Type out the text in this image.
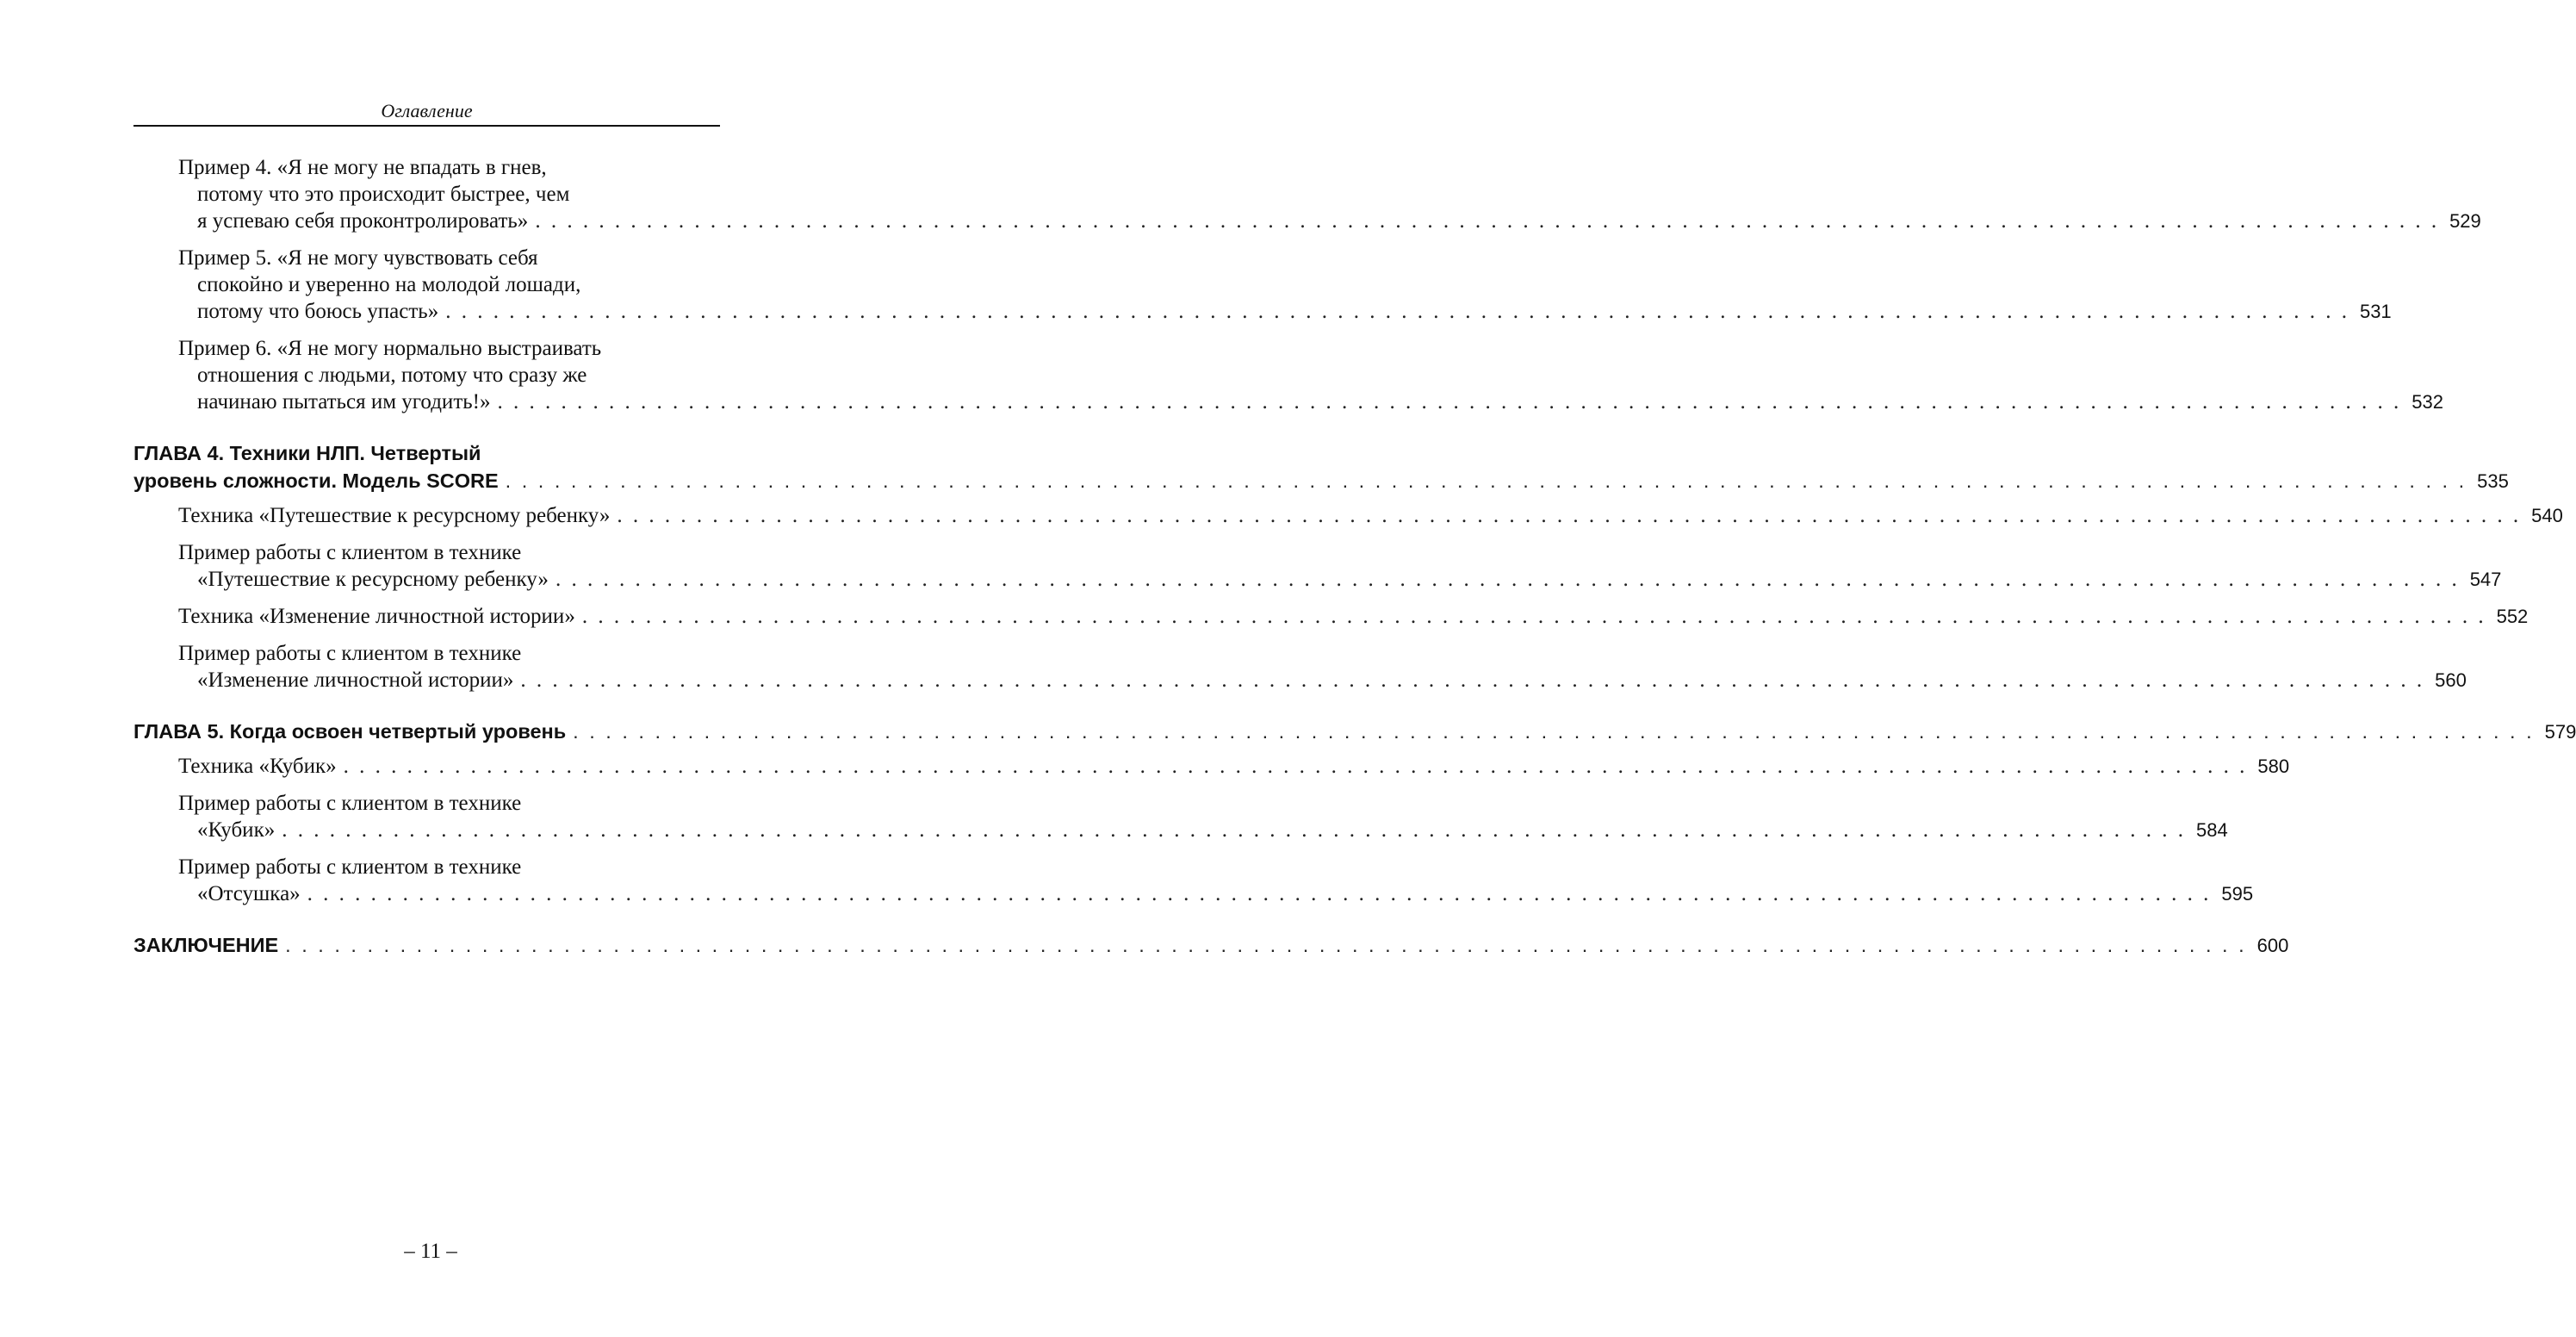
Оглавление
Пример 4. «Я не могу не впадать в гнев,
потому что это происходит быстрее, чем
я успеваю себя проконтролировать» . . . . . . . . . . . . . . . . . . . . . . . . . . . . . . . . . . . . . . . . . . . . . . . . . . . . . . . . . . . . . . . . . . . . . . . . . . . . . . . . . . . . . . . . . . . . . . . . . . . . . . . . . . . . . . . . . . . . . . . . 529
Пример 5. «Я не могу чувствовать себя
спокойно и уверенно на молодой лошади,
потому что боюсь упасть» . . . . . . . . . . . . . . . . . . . . . . . . . . . . . . . . . . . . . . . . . . . . . . . . . . . . . . . . . . . . . . . . . . . . . . . . . . . . . . . . . . . . . . . . . . . . . . . . . . . . . . . . . . . . . . . . . . . . . . . . 531
Пример 6. «Я не могу нормально выстраивать
отношения с людьми, потому что сразу же
начинаю пытаться им угодить!» . . . . . . . . . . . . . . . . . . . . . . . . . . . . . . . . . . . . . . . . . . . . . . . . . . . . . . . . . . . . . . . . . . . . . . . . . . . . . . . . . . . . . . . . . . . . . . . . . . . . . . . . . . . . . . . . . . . . . . . . 532
ГЛАВА 4. Техники НЛП. Четвертый
уровень сложности. Модель SCORE . . . . . . . . . . . . . . . . . . . . . . . . . . . . . . . . . . . . . . . . . . . . . . . . . . . . . . . . . . . . . . . . . . . . . . . . . . . . . . . . . . . . . . . . . . . . . . . . . . . . . . . . . . . . . . . . . . . . . . . . 535
Техника «Путешествие к ресурсному ребенку» . . . . . . . . . . . . . . . . . . . . . . . . . . . . . . . . . . . . . . . . . . . . . . . . . . . . . . . . . . . . . . . . . . . . . . . . . . . . . . . . . . . . . . . . . . . . . . . . . . . . . . . . . . . . . . . . . . . . . . . . 540
Пример работы с клиентом в технике
«Путешествие к ресурсному ребенку» . . . . . . . . . . . . . . . . . . . . . . . . . . . . . . . . . . . . . . . . . . . . . . . . . . . . . . . . . . . . . . . . . . . . . . . . . . . . . . . . . . . . . . . . . . . . . . . . . . . . . . . . . . . . . . . . . . . . . . . . 547
Техника «Изменение личностной истории» . . . . . . . . . . . . . . . . . . . . . . . . . . . . . . . . . . . . . . . . . . . . . . . . . . . . . . . . . . . . . . . . . . . . . . . . . . . . . . . . . . . . . . . . . . . . . . . . . . . . . . . . . . . . . . . . . . . . . . . . 552
Пример работы с клиентом в технике
«Изменение личностной истории» . . . . . . . . . . . . . . . . . . . . . . . . . . . . . . . . . . . . . . . . . . . . . . . . . . . . . . . . . . . . . . . . . . . . . . . . . . . . . . . . . . . . . . . . . . . . . . . . . . . . . . . . . . . . . . . . . . . . . . . . 560
ГЛАВА 5. Когда освоен четвертый уровень . . . . . . . . . . . . . . . . . . . . . . . . . . . . . . . . . . . . . . . . . . . . . . . . . . . . . . . . . . . . . . . . . . . . . . . . . . . . . . . . . . . . . . . . . . . . . . . . . . . . . . . . . . . . . . . . . . . . . . . . 579
Техника «Кубик» . . . . . . . . . . . . . . . . . . . . . . . . . . . . . . . . . . . . . . . . . . . . . . . . . . . . . . . . . . . . . . . . . . . . . . . . . . . . . . . . . . . . . . . . . . . . . . . . . . . . . . . . . . . . . . . . . . . . . . . . 580
Пример работы с клиентом в технике
«Кубик» . . . . . . . . . . . . . . . . . . . . . . . . . . . . . . . . . . . . . . . . . . . . . . . . . . . . . . . . . . . . . . . . . . . . . . . . . . . . . . . . . . . . . . . . . . . . . . . . . . . . . . . . . . . . . . . . . . . . . . . . 584
Пример работы с клиентом в технике
«Отсушка» . . . . . . . . . . . . . . . . . . . . . . . . . . . . . . . . . . . . . . . . . . . . . . . . . . . . . . . . . . . . . . . . . . . . . . . . . . . . . . . . . . . . . . . . . . . . . . . . . . . . . . . . . . . . . . . . . . . . . . . . 595
ЗАКЛЮЧЕНИЕ . . . . . . . . . . . . . . . . . . . . . . . . . . . . . . . . . . . . . . . . . . . . . . . . . . . . . . . . . . . . . . . . . . . . . . . . . . . . . . . . . . . . . . . . . . . . . . . . . . . . . . . . . . . . . . . . . . . . . . . . 600
– 11 –
